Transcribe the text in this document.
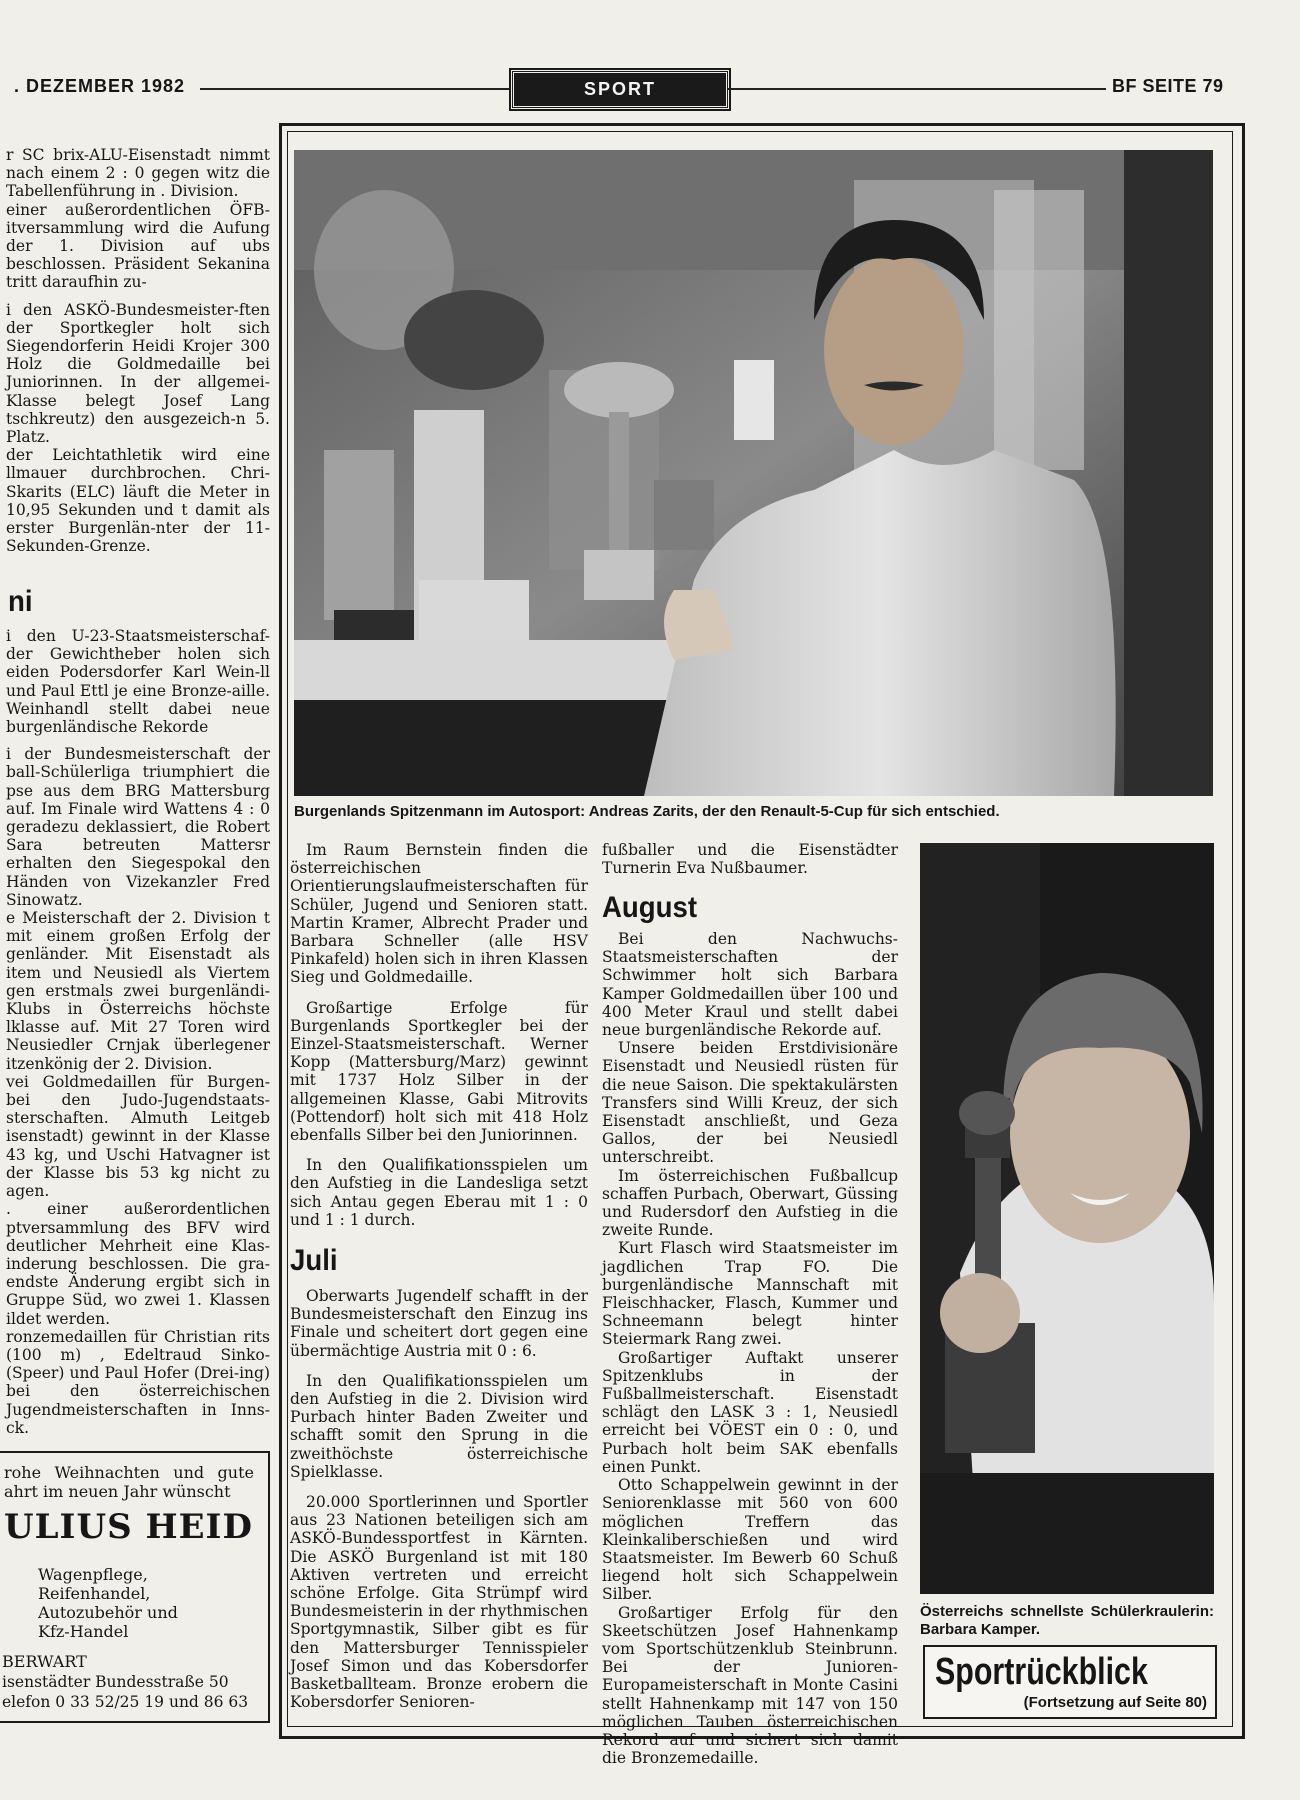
. DEZEMBER 1982	SPORT	BF SEITE 79

r SC brix-ALU-Eisenstadt nimmt nach einem 2 : 0 gegen witz die Tabellenführung in . Division.

einer außerordentlichen ÖFB-itversammlung wird die Aufung der 1. Division auf ubs beschlossen. Präsident Sekanina tritt daraufhin zu-

i den ASKÖ-Bundesmeister-ften der Sportkegler holt sich Siegendorferin Heidi Krojer 300 Holz die Goldmedaille bei Juniorinnen. In der allgemei- Klasse belegt Josef Lang tschkreutz) den ausgezeich-n 5. Platz.

der Leichtathletik wird eine llmauer durchbrochen. Chri- Skarits (ELC) läuft die Meter in 10,95 Sekunden und t damit als erster Burgenlän-nter der 11-Sekunden-Grenze.

ni

i den U-23-Staatsmeisterschaf-der Gewichtheber holen sich eiden Podersdorfer Karl Wein-ll und Paul Ettl je eine Bronze-aille. Weinhandl stellt dabei neue burgenländische Rekorde

i der Bundesmeisterschaft der ball-Schülerliga triumphiert die pse aus dem BRG Mattersburg auf. Im Finale wird Wattens 4 : 0 geradezu deklassiert, die Robert Sara betreuten Mattersr erhalten den Siegespokal den Händen von Vizekanzler Fred Sinowatz.

e Meisterschaft der 2. Division t mit einem großen Erfolg der genländer. Mit Eisenstadt als item und Neusiedl als Viertem gen erstmals zwei burgenländi-Klubs in Österreichs höchste lklasse auf. Mit 27 Toren wird Neusiedler Crnjak überlegener itzenkönig der 2. Division.

vei Goldmedaillen für Burgen- bei den Judo-Jugendstaats-sterschaften. Almuth Leitgeb isenstadt) gewinnt in der Klasse 43 kg, und Uschi Hatvagner ist der Klasse bis 53 kg nicht zu agen.

. einer außerordentlichen ptversammlung des BFV wird deutlicher Mehrheit eine Klas-inderung beschlossen. Die gra-endste Änderung ergibt sich in Gruppe Süd, wo zwei 1. Klassen ildet werden.

ronzemedaillen für Christian rits (100 m) , Edeltraud Sinko- (Speer) und Paul Hofer (Drei-ing) bei den österreichischen Jugendmeisterschaften in Inns-ck.

rohe Weihnachten und gute ahrt im neuen Jahr wünscht
ULIUS HEID
Wagenpflege,
Reifenhandel,
Autozubehör und
Kfz-Handel
BERWART
isenstädter Bundesstraße 50
elefon 0 33 52/25 19 und 86 63
Burgenlands Spitzenmann im Autosport: Andreas Zarits, der den Renault-5-Cup für sich entschied.

Im Raum Bernstein finden die österreichischen Orientierungslaufmeisterschaften für Schüler, Jugend und Senioren statt. Martin Kramer, Albrecht Prader und Barbara Schneller (alle HSV Pinkafeld) holen sich in ihren Klassen Sieg und Goldmedaille.

Großartige Erfolge für Burgenlands Sportkegler bei der Einzel-Staatsmeisterschaft. Werner Kopp (Mattersburg/Marz) gewinnt mit 1737 Holz Silber in der allgemeinen Klasse, Gabi Mitrovits (Pottendorf) holt sich mit 418 Holz ebenfalls Silber bei den Juniorinnen.

In den Qualifikationsspielen um den Aufstieg in die Landesliga setzt sich Antau gegen Eberau mit 1 : 0 und 1 : 1 durch.

Juli

Oberwarts Jugendelf schafft in der Bundesmeisterschaft den Einzug ins Finale und scheitert dort gegen eine übermächtige Austria mit 0 : 6.

In den Qualifikationsspielen um den Aufstieg in die 2. Division wird Purbach hinter Baden Zweiter und schafft somit den Sprung in die zweithöchste österreichische Spielklasse.

20.000 Sportlerinnen und Sportler aus 23 Nationen beteiligen sich am ASKÖ-Bundessportfest in Kärnten. Die ASKÖ Burgenland ist mit 180 Aktiven vertreten und erreicht schöne Erfolge. Gita Strümpf wird Bundesmeisterin in der rhythmischen Sportgymnastik, Silber gibt es für den Mattersburger Tennisspieler Josef Simon und das Kobersdorfer Basketballteam. Bronze erobern die Kobersdorfer Senioren-

fußballer und die Eisenstädter Turnerin Eva Nußbaumer.

August

Bei den Nachwuchs-Staatsmeisterschaften der Schwimmer holt sich Barbara Kamper Goldmedaillen über 100 und 400 Meter Kraul und stellt dabei neue burgenländische Rekorde auf.

Unsere beiden Erstdivisionäre Eisenstadt und Neusiedl rüsten für die neue Saison. Die spektakulärsten Transfers sind Willi Kreuz, der sich Eisenstadt anschließt, und Geza Gallos, der bei Neusiedl unterschreibt.

Im österreichischen Fußballcup schaffen Purbach, Oberwart, Güssing und Rudersdorf den Aufstieg in die zweite Runde.

Kurt Flasch wird Staatsmeister im jagdlichen Trap FO. Die burgenländische Mannschaft mit Fleischhacker, Flasch, Kummer und Schneemann belegt hinter Steiermark Rang zwei.

Großartiger Auftakt unserer Spitzenklubs in der Fußballmeisterschaft. Eisenstadt schlägt den LASK 3 : 1, Neusiedl erreicht bei VÖEST ein 0 : 0, und Purbach holt beim SAK ebenfalls einen Punkt.

Otto Schappelwein gewinnt in der Seniorenklasse mit 560 von 600 möglichen Treffern das Kleinkaliberschießen und wird Staatsmeister. Im Bewerb 60 Schuß liegend holt sich Schappelwein Silber.

Großartiger Erfolg für den Skeetschützen Josef Hahnenkamp vom Sportschützenklub Steinbrunn. Bei der Junioren-Europameisterschaft in Monte Casini stellt Hahnenkamp mit 147 von 150 möglichen Tauben österreichischen Rekord auf und sichert sich damit die Bronzemedaille.

Österreichs schnellste Schülerkraulerin: Barbara Kamper.
Sportrückblick
(Fortsetzung auf Seite 80)
